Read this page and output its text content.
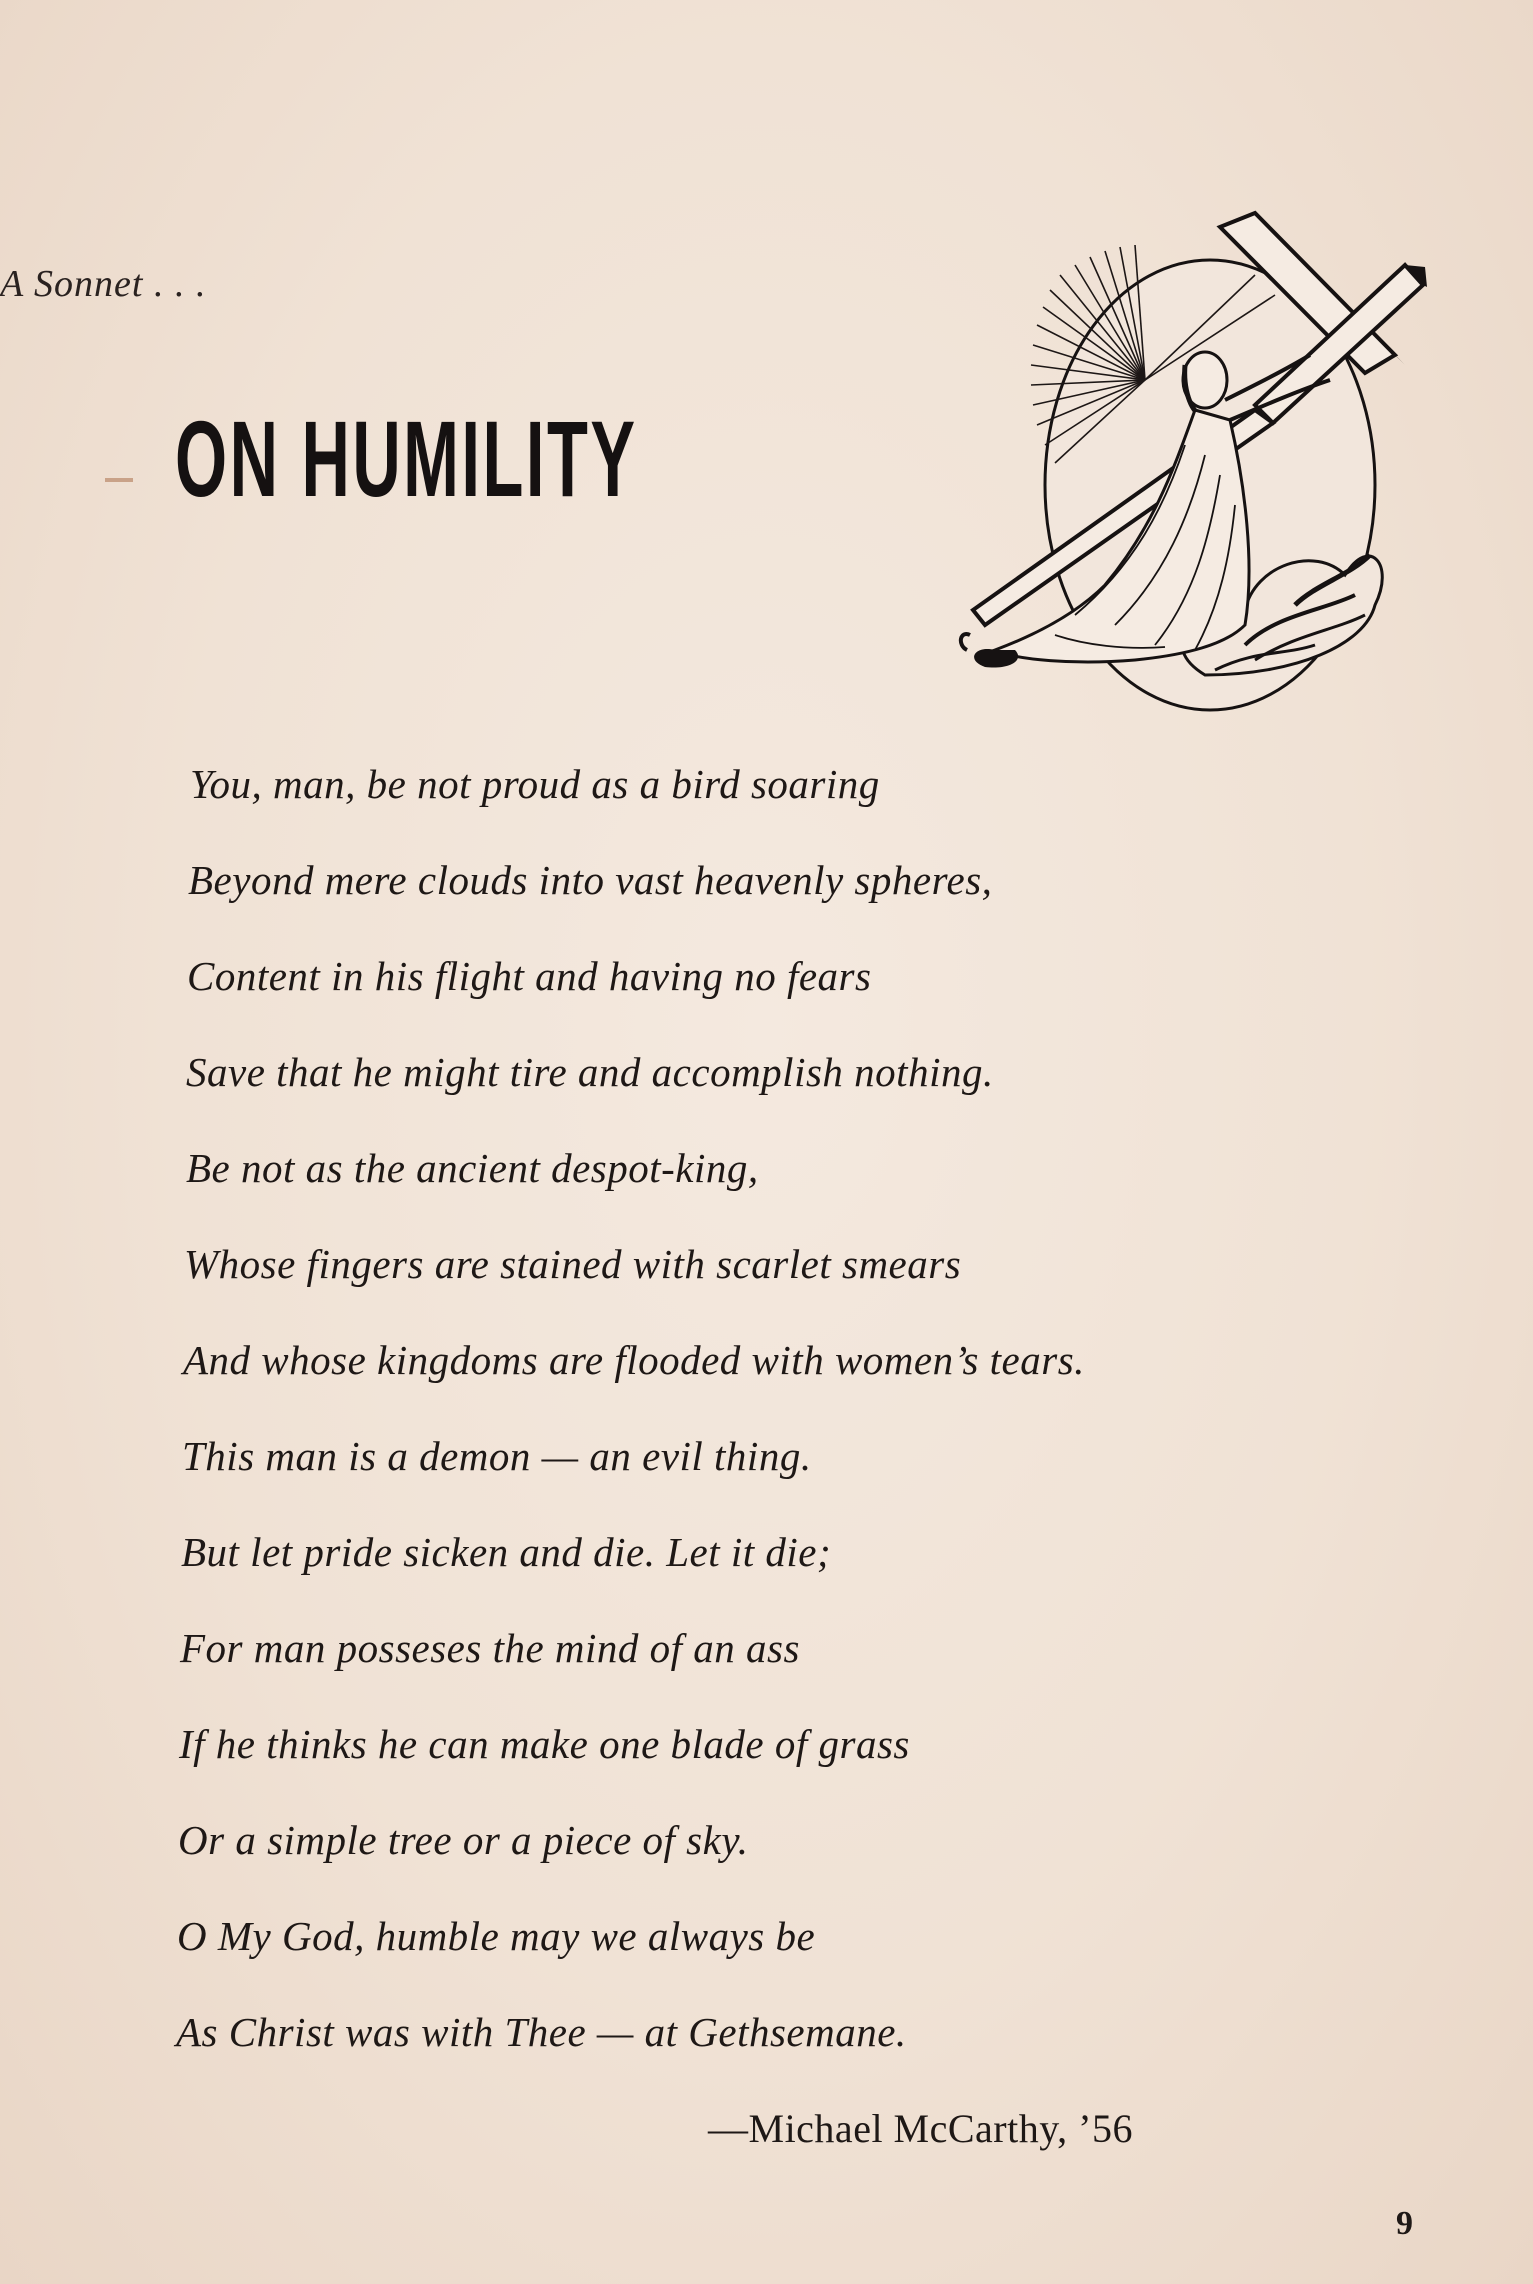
A Sonnet . . .
ON HUMILITY
You, man, be not proud as a bird soaring
Beyond mere clouds into vast heavenly spheres,
Content in his flight and having no fears
Save that he might tire and accomplish nothing.
Be not as the ancient despot-king,
Whose fingers are stained with scarlet smears
And whose kingdoms are flooded with women’s tears.
This man is a demon — an evil thing.
But let pride sicken and die. Let it die;
For man posseses the mind of an ass
If he thinks he can make one blade of grass
Or a simple tree or a piece of sky.
O My God, humble may we always be
As Christ was with Thee — at Gethsemane.
—Michael McCarthy, ’56
9
